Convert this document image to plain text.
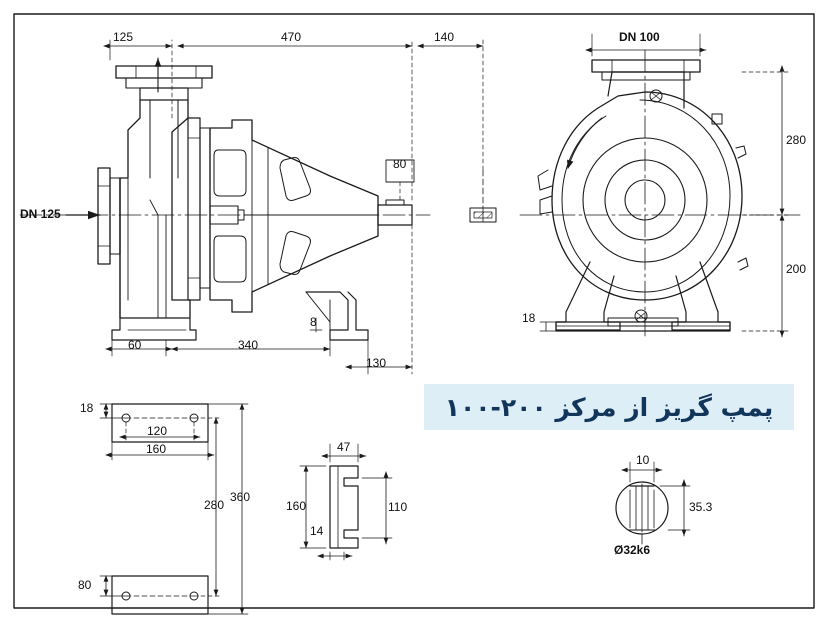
125	470	140
80
DN 125
60	340
8
130
DN 100
280
200
18
18
120
160
280
360
80
47
160	110
14
10
35.3
Ø32k6
پمپ گریز از مرکز ۲۰۰-۱۰۰
